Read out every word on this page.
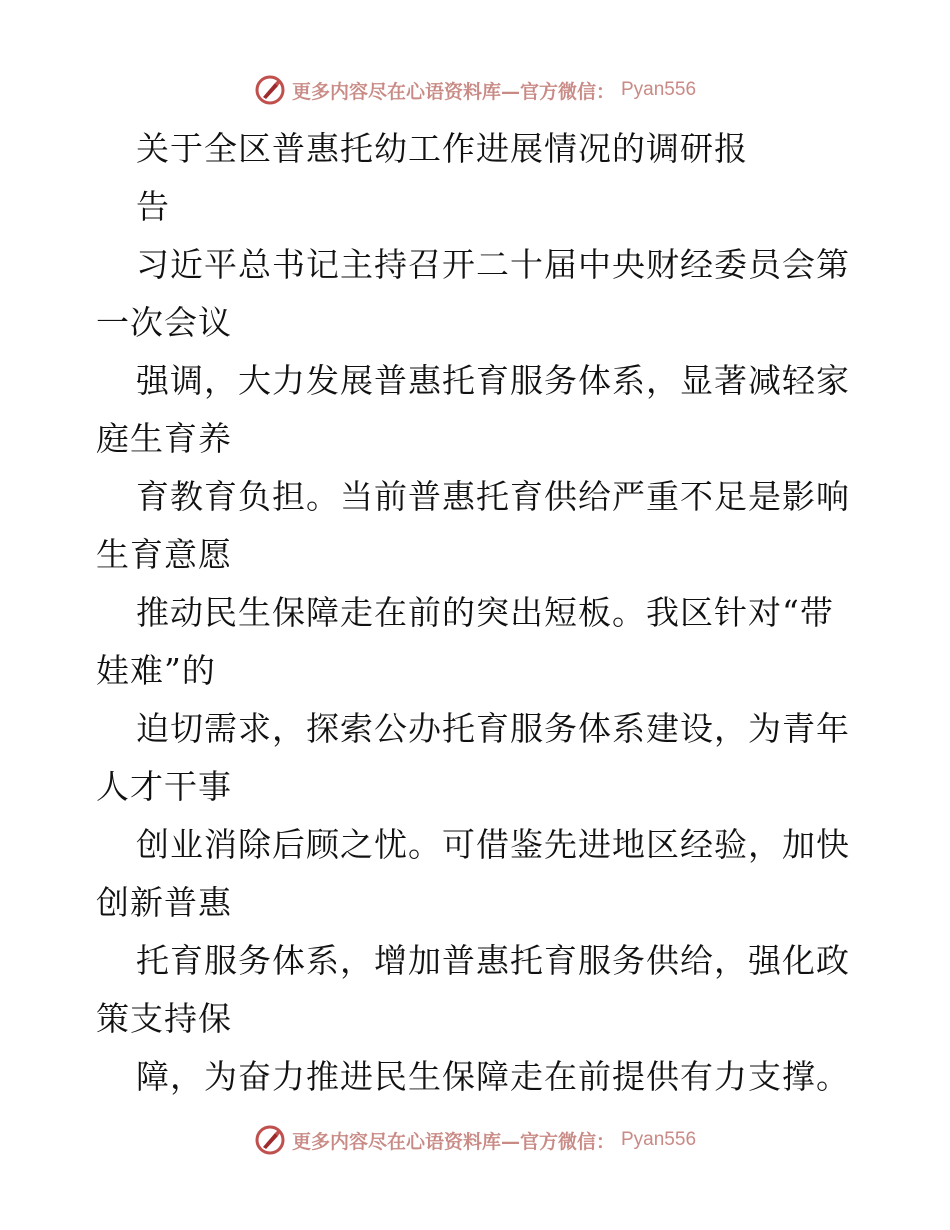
更多内容尽在心语资料库—官方微信： Pyan556
关于全区普惠托幼工作进展情况的调研报
告
习近平总书记主持召开二十届中央财经委员会第
一次会议
强调，大力发展普惠托育服务体系，显著减轻家
庭生育养
育教育负担。当前普惠托育供给严重不足是影响
生育意愿
推动民生保障走在前的突出短板。我区针对“带
娃难”的
迫切需求，探索公办托育服务体系建设，为青年
人才干事
创业消除后顾之忧。可借鉴先进地区经验，加快
创新普惠
托育服务体系，增加普惠托育服务供给，强化政
策支持保
障，为奋力推进民生保障走在前提供有力支撑。
更多内容尽在心语资料库—官方微信： Pyan556
